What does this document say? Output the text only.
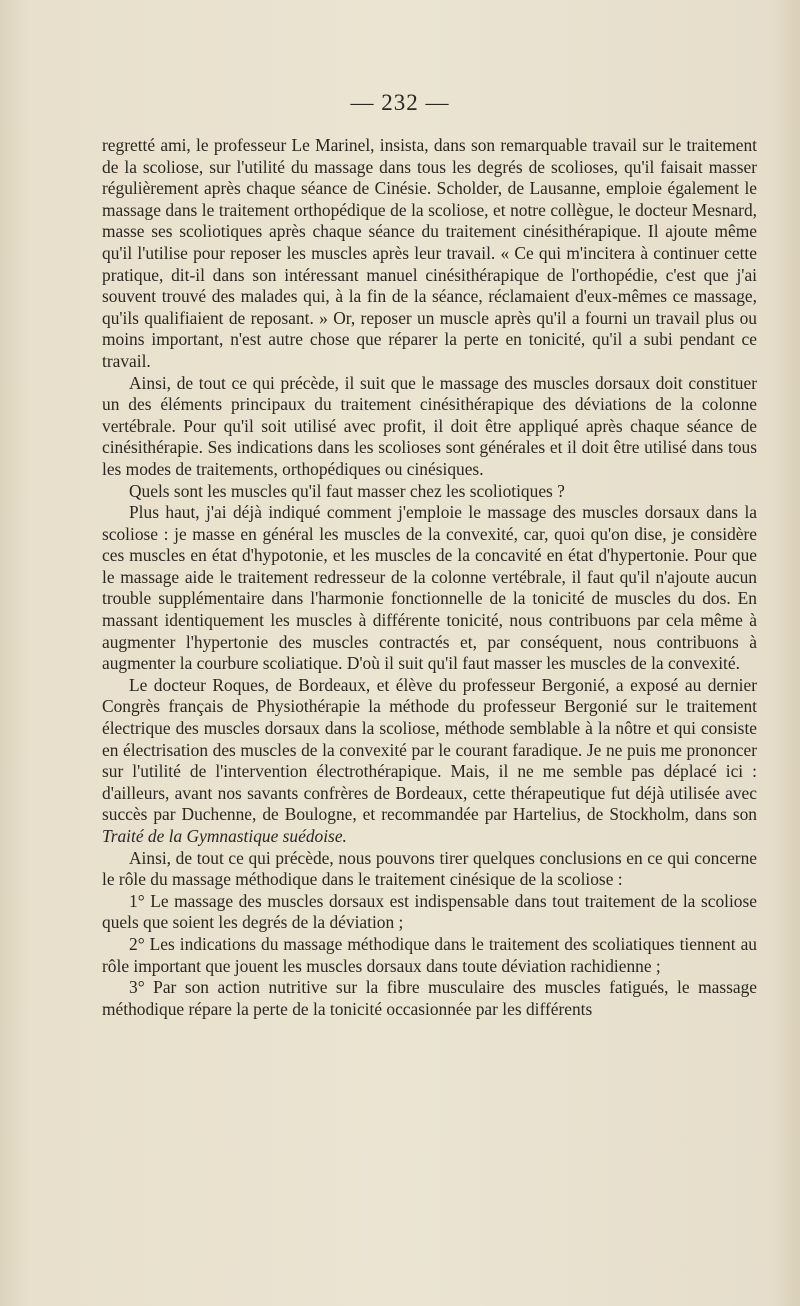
— 232 —

regretté ami, le professeur Le Marinel, insista, dans son remarquable travail sur le traitement de la scoliose, sur l'utilité du massage dans tous les degrés de scolioses, qu'il faisait masser régulièrement après chaque séance de Cinésie. Scholder, de Lausanne, emploie également le massage dans le traitement orthopédique de la scoliose, et notre collègue, le docteur Mesnard, masse ses scoliotiques après chaque séance du traitement cinésithérapique. Il ajoute même qu'il l'utilise pour reposer les muscles après leur travail. « Ce qui m'incitera à continuer cette pratique, dit-il dans son intéressant manuel cinésithérapique de l'orthopédie, c'est que j'ai souvent trouvé des malades qui, à la fin de la séance, réclamaient d'eux-mêmes ce massage, qu'ils qualifiaient de reposant. » Or, reposer un muscle après qu'il a fourni un travail plus ou moins important, n'est autre chose que réparer la perte en tonicité, qu'il a subi pendant ce travail.

Ainsi, de tout ce qui précède, il suit que le massage des muscles dorsaux doit constituer un des éléments principaux du traitement cinésithérapique des déviations de la colonne vertébrale. Pour qu'il soit utilisé avec profit, il doit être appliqué après chaque séance de cinésithérapie. Ses indications dans les scolioses sont générales et il doit être utilisé dans tous les modes de traitements, orthopédiques ou cinésiques.

Quels sont les muscles qu'il faut masser chez les scoliotiques ?

Plus haut, j'ai déjà indiqué comment j'emploie le massage des muscles dorsaux dans la scoliose : je masse en général les muscles de la convexité, car, quoi qu'on dise, je considère ces muscles en état d'hypotonie, et les muscles de la concavité en état d'hypertonie. Pour que le massage aide le traitement redresseur de la colonne vertébrale, il faut qu'il n'ajoute aucun trouble supplémentaire dans l'harmonie fonctionnelle de la tonicité de muscles du dos. En massant identiquement les muscles à différente tonicité, nous contribuons par cela même à augmenter l'hypertonie des muscles contractés et, par conséquent, nous contribuons à augmenter la courbure scoliatique. D'où il suit qu'il faut masser les muscles de la convexité.

Le docteur Roques, de Bordeaux, et élève du professeur Bergonié, a exposé au dernier Congrès français de Physiothérapie la méthode du professeur Bergonié sur le traitement électrique des muscles dorsaux dans la scoliose, méthode semblable à la nôtre et qui consiste en électrisation des muscles de la convexité par le courant faradique. Je ne puis me prononcer sur l'utilité de l'intervention électrothérapique. Mais, il ne me semble pas déplacé ici : d'ailleurs, avant nos savants confrères de Bordeaux, cette thérapeutique fut déjà utilisée avec succès par Duchenne, de Boulogne, et recommandée par Hartelius, de Stockholm, dans son Traité de la Gymnastique suédoise.

Ainsi, de tout ce qui précède, nous pouvons tirer quelques conclusions en ce qui concerne le rôle du massage méthodique dans le traitement cinésique de la scoliose :

1° Le massage des muscles dorsaux est indispensable dans tout traitement de la scoliose quels que soient les degrés de la déviation ;

2° Les indications du massage méthodique dans le traitement des scoliatiques tiennent au rôle important que jouent les muscles dorsaux dans toute déviation rachidienne ;

3° Par son action nutritive sur la fibre musculaire des muscles fatigués, le massage méthodique répare la perte de la tonicité occasionnée par les différents
